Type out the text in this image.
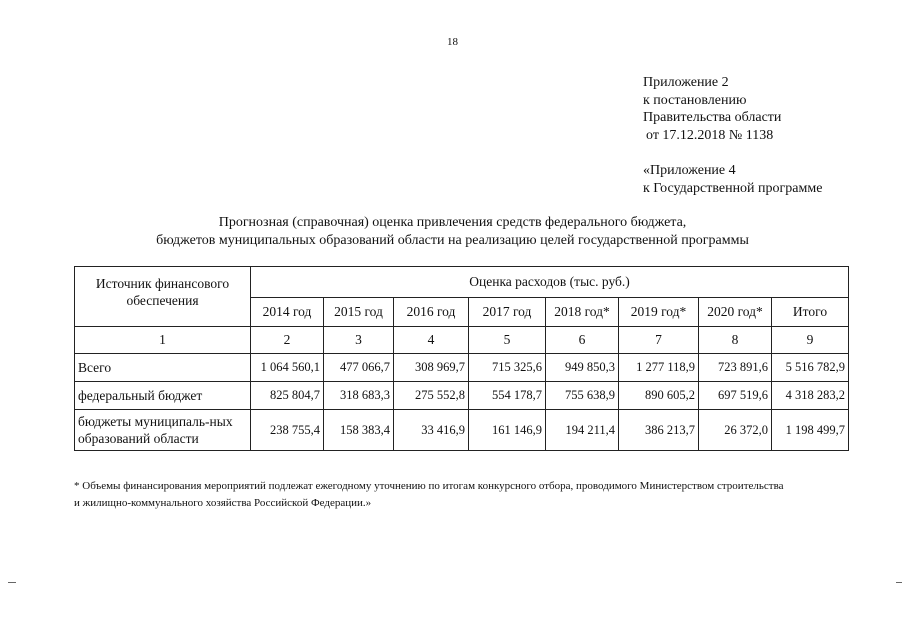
18
Приложение 2
к постановлению
Правительства области
от 17.12.2018 № 1138
«Приложение 4
к Государственной программе
Прогнозная (справочная) оценка привлечения средств федерального бюджета,
бюджетов муниципальных образований области на реализацию целей государственной программы
Источник финансового обеспечения	Оценка расходов (тыс. руб.)							
	2014 год	2015 год	2016 год	2017 год	2018 год*	2019 год*	2020 год*	Итого
1	2	3	4	5	6	7	8	9
Всего	1 064 560,1	477 066,7	308 969,7	715 325,6	949 850,3	1 277 118,9	723 891,6	5 516 782,9
федеральный бюджет	825 804,7	318 683,3	275 552,8	554 178,7	755 638,9	890 605,2	697 519,6	4 318 283,2
бюджеты муниципаль-ных образований области	238 755,4	158 383,4	33 416,9	161 146,9	194 211,4	386 213,7	26 372,0	1 198 499,7
* Объемы финансирования мероприятий подлежат ежегодному уточнению по итогам конкурсного отбора, проводимого Министерством строительства
и жилищно-коммунального хозяйства Российской Федерации.»
